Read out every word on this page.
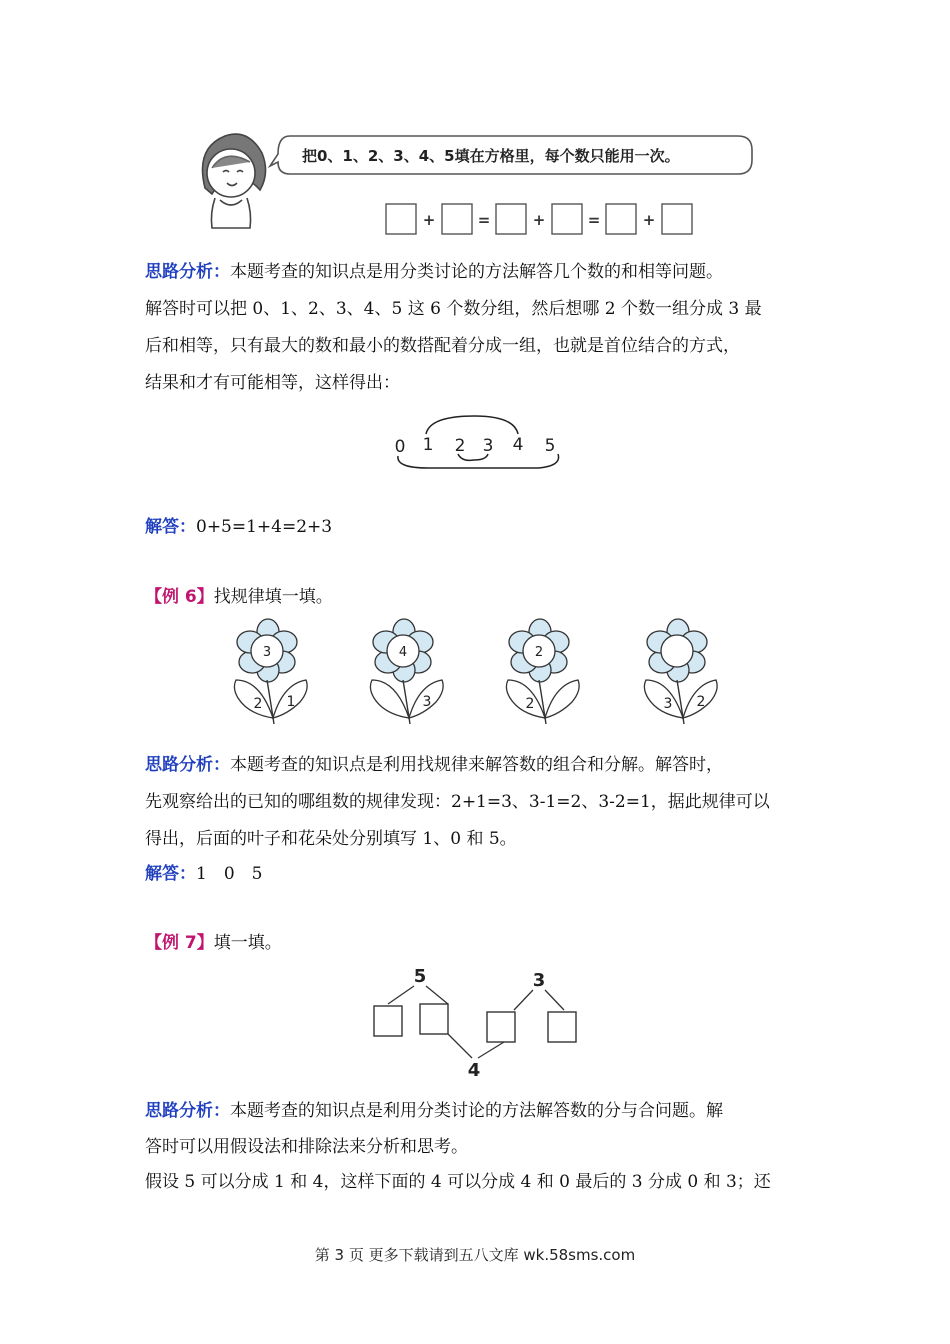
把0、1、2、3、4、5填在方格里，每个数只能用一次。
+	=	+	=	+
思路分析：本题考查的知识点是用分类讨论的方法解答几个数的和相等问题。
解答时可以把 0、1、2、3、4、5 这 6 个数分组，然后想哪 2 个数一组分成 3 最
后和相等，只有最大的数和最小的数搭配着分成一组，也就是首位结合的方式，
结果和才有可能相等，这样得出：
0 1 2 3 4 5
解答：0+5=1+4=2+3
【例 6】找规律填一填。
3
2 1
4
3
2
2	3 2
思路分析：本题考查的知识点是利用找规律来解答数的组合和分解。解答时，
先观察给出的已知的哪组数的规律发现：2+1=3、3-1=2、3-2=1，据此规律可以
得出，后面的叶子和花朵处分别填写 1、0 和 5。
解答：1　0　5
【例 7】填一填。
5	3
4
思路分析：本题考查的知识点是利用分类讨论的方法解答数的分与合问题。解
答时可以用假设法和排除法来分析和思考。
假设 5 可以分成 1 和 4，这样下面的 4 可以分成 4 和 0 最后的 3 分成 0 和 3；还
第 3 页 更多下载请到五八文库 wk.58sms.com
